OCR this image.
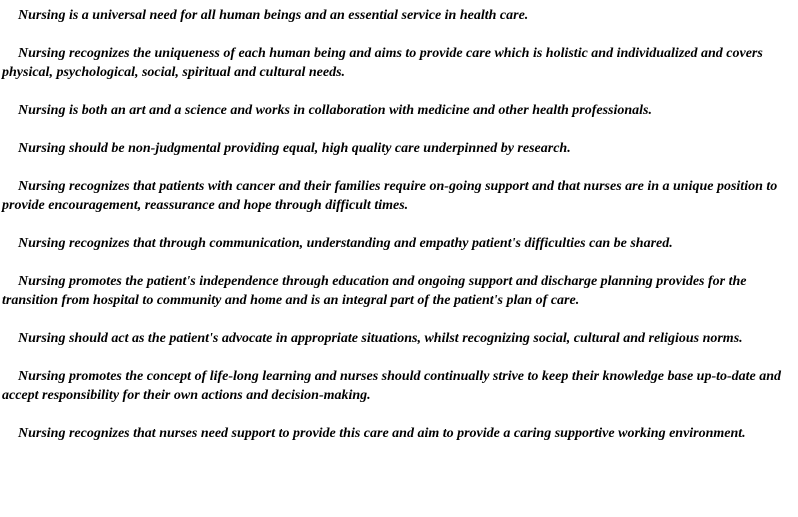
Nursing is a universal need for all human beings and an essential service in health care.

Nursing recognizes the uniqueness of each human being and aims to provide care which is holistic and individualized and covers physical, psychological, social, spiritual and cultural needs.

Nursing is both an art and a science and works in collaboration with medicine and other health professionals.

Nursing should be non-judgmental providing equal, high quality care underpinned by research.

Nursing recognizes that patients with cancer and their families require on-going support and that nurses are in a unique position to provide encouragement, reassurance and hope through difficult times.

Nursing recognizes that through communication, understanding and empathy patient's difficulties can be shared.

Nursing promotes the patient's independence through education and ongoing support and discharge planning provides for the transition from hospital to community and home and is an integral part of the patient's plan of care.

Nursing should act as the patient's advocate in appropriate situations, whilst recognizing social, cultural and religious norms.

Nursing promotes the concept of life-long learning and nurses should continually strive to keep their knowledge base up-to-date and accept responsibility for their own actions and decision-making.

Nursing recognizes that nurses need support to provide this care and aim to provide a caring supportive working environment.
